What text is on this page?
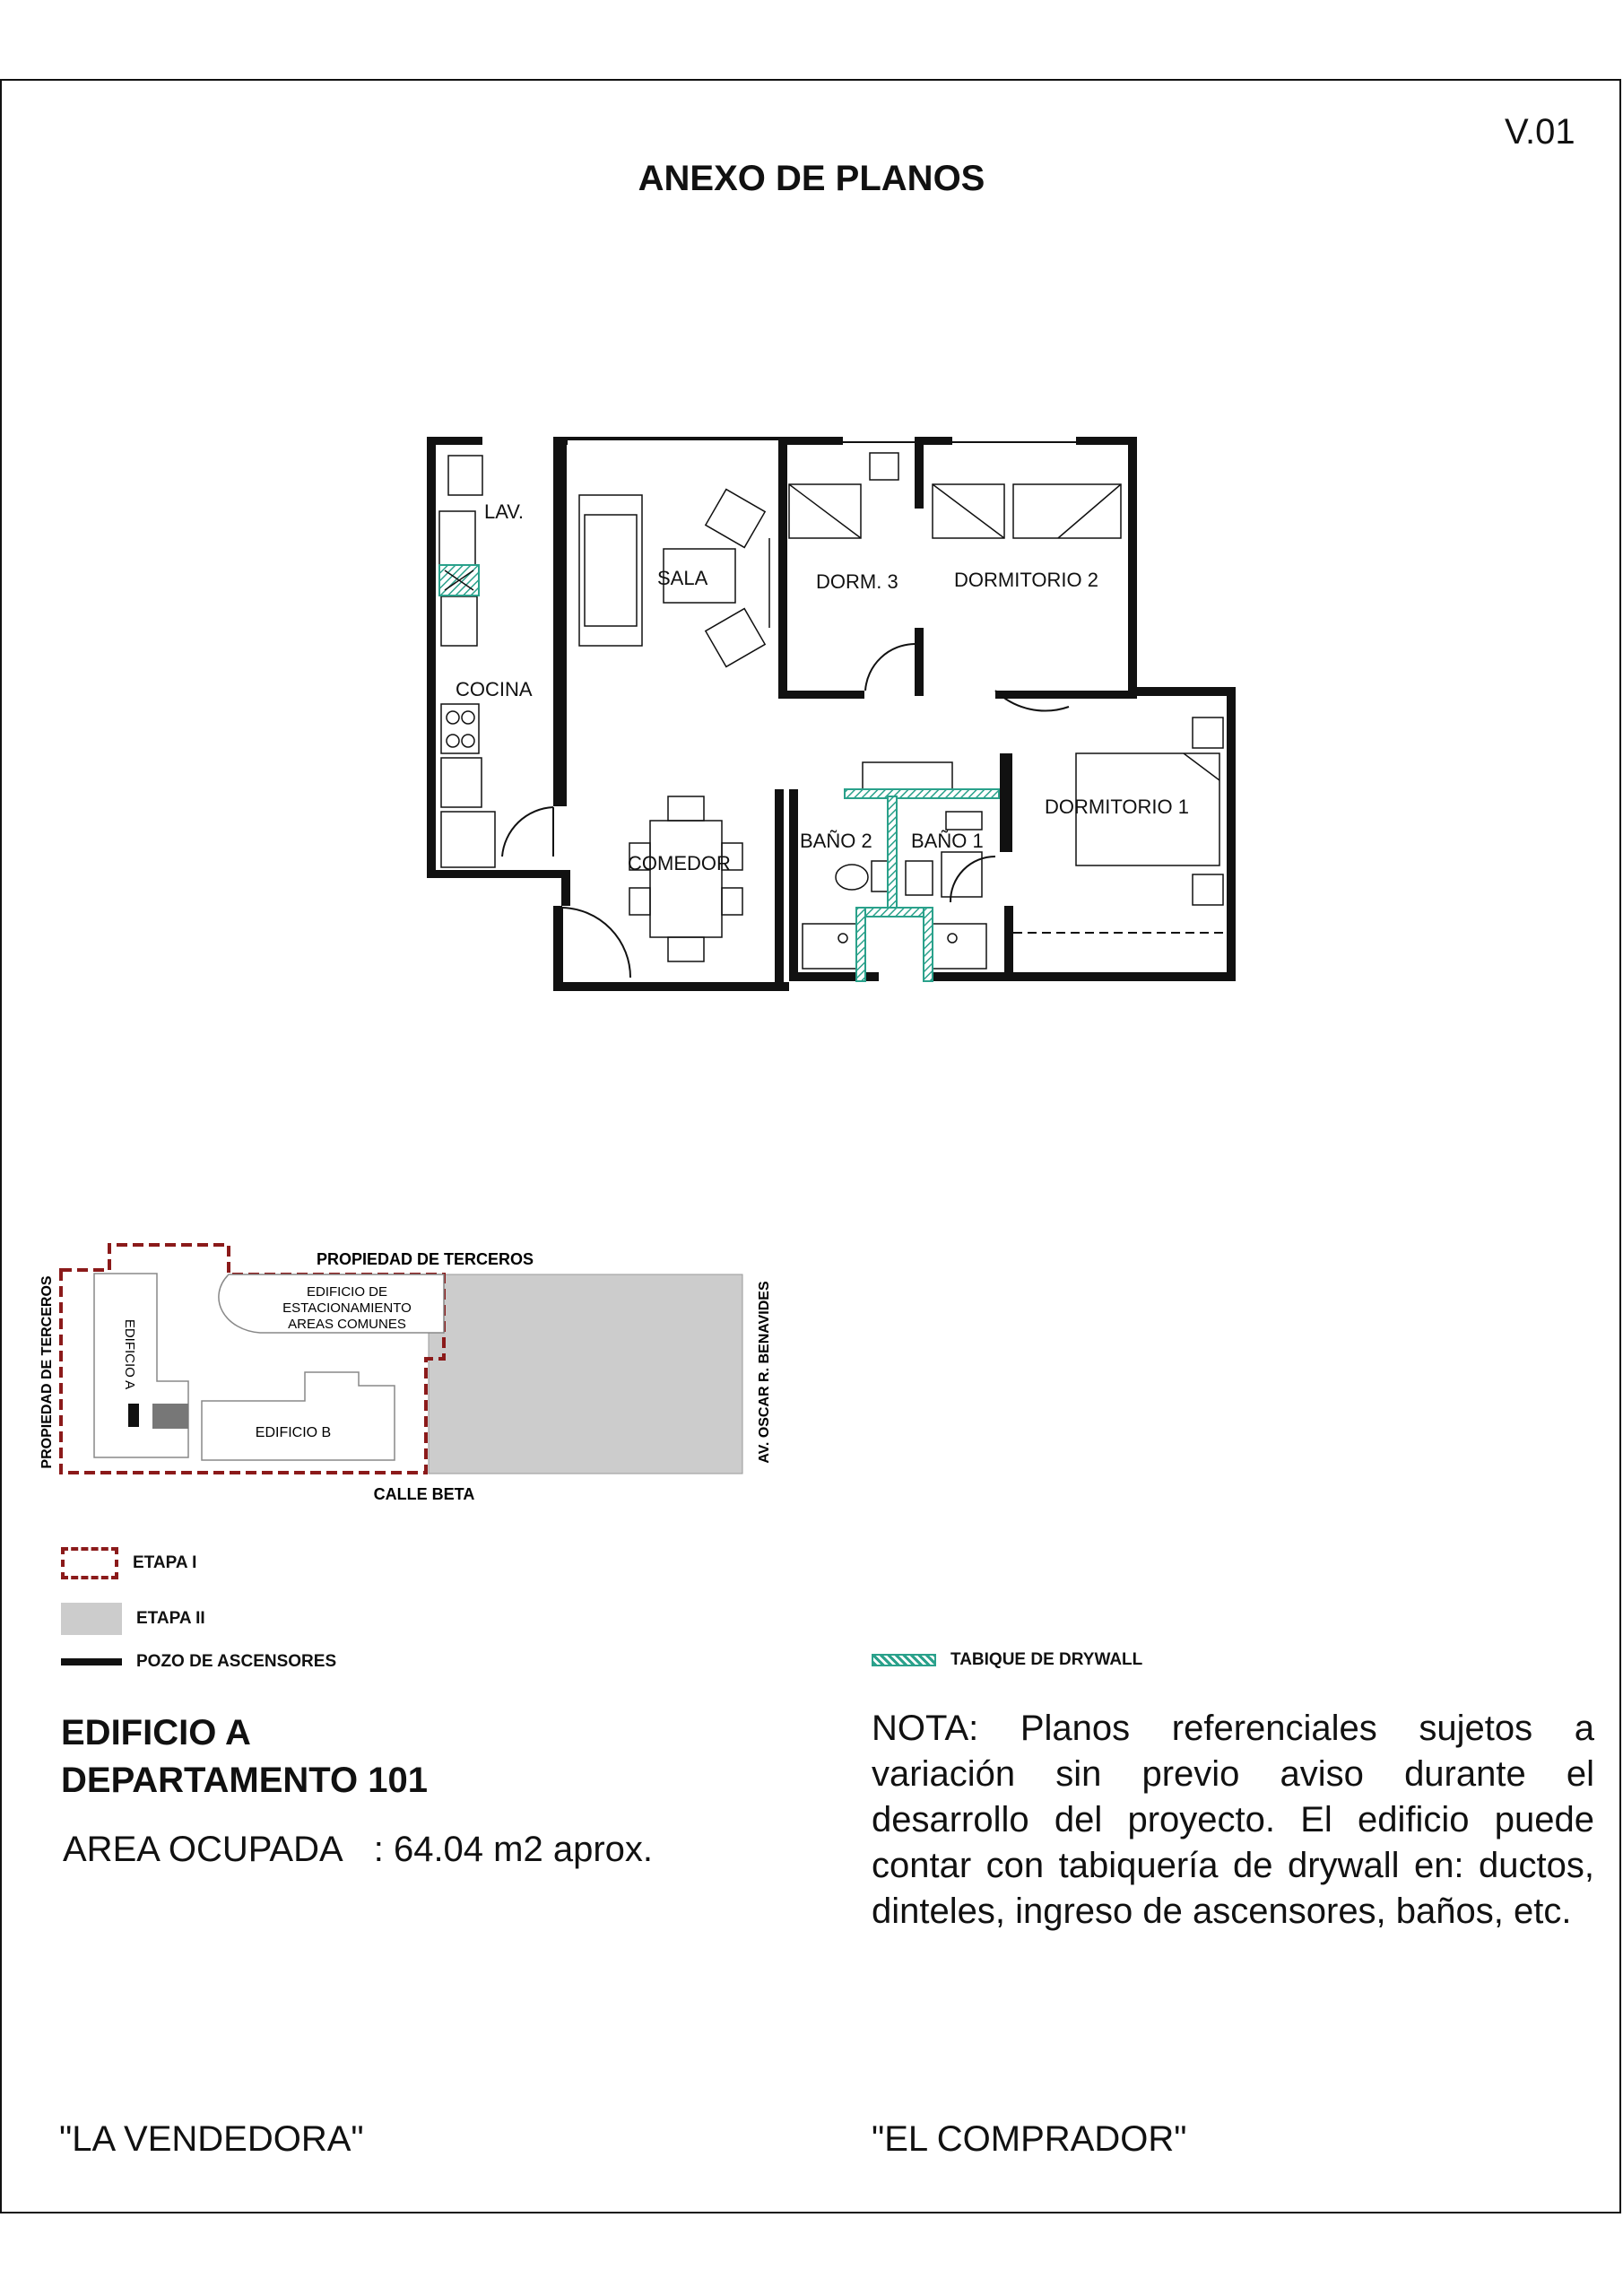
V.01
ANEXO DE PLANOS
LAV.
SALA	DORM. 3	DORMITORIO 2
COCINA
DORMITORIO 1
BAÑO 2 BAÑO 1
COMEDOR
PROPIEDAD DE TERCEROS
CALLE BETA
PROPIEDAD DE TERCEROS	AV. OSCAR R. BENAVIDES
EDIFICIO DE
ESTACIONAMIENTO
AREAS COMUNES
EDIFICIO A
EDIFICIO B
ETAPA I
ETAPA II
POZO DE ASCENSORES	TABIQUE DE DRYWALL
EDIFICIO A
DEPARTAMENTO 101
AREA OCUPADA : 64.04 m2 aprox.
NOTA: Planos referenciales sujetos a variación sin previo aviso durante el desarrollo del proyecto. El edificio puede contar con tabiquería de drywall en: ductos, dinteles, ingreso de ascensores, baños, etc.
"LA VENDEDORA"	"EL COMPRADOR"
